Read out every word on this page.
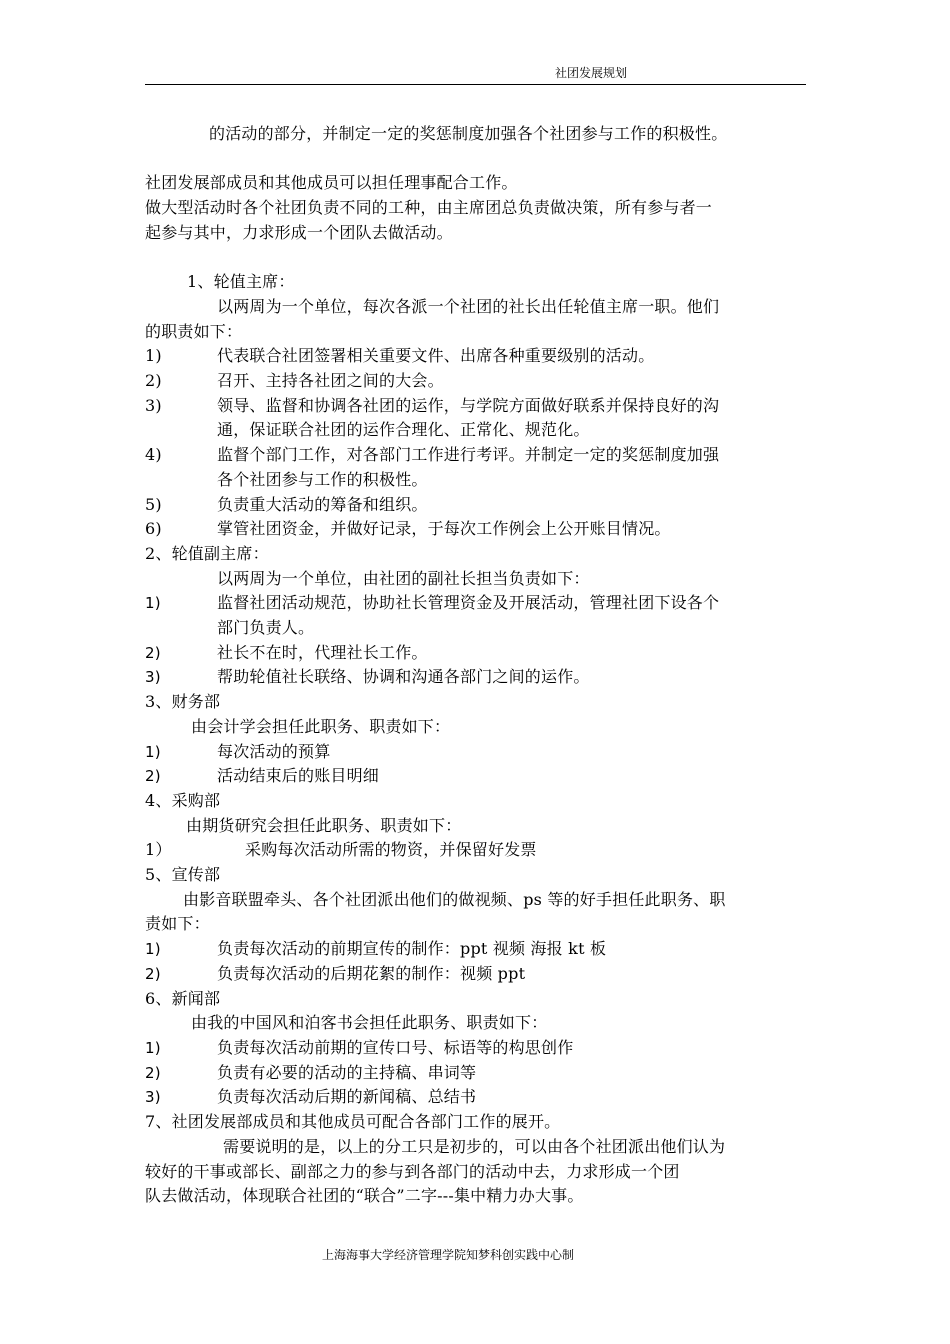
社团发展规划

的活动的部分，并制定一定的奖惩制度加强各个社团参与工作的积极性。

社团发展部成员和其他成员可以担任理事配合工作。

做大型活动时各个社团负责不同的工种，由主席团总负责做决策，所有参与者一

起参与其中，力求形成一个团队去做活动。

1、轮值主席：

以两周为一个单位，每次各派一个社团的社长出任轮值主席一职。他们

的职责如下：

1)	代表联合社团签署相关重要文件、出席各种重要级别的活动。
2)	召开、主持各社团之间的大会。
3)	领导、监督和协调各社团的运作，与学院方面做好联系并保持良好的沟

通，保证联合社团的运作合理化、正常化、规范化。

4)	监督个部门工作，对各部门工作进行考评。并制定一定的奖惩制度加强

各个社团参与工作的积极性。

5)	负责重大活动的筹备和组织。
6)	掌管社团资金，并做好记录，于每次工作例会上公开账目情况。

2、轮值副主席：

以两周为一个单位，由社团的副社长担当负责如下：

1)	监督社团活动规范，协助社长管理资金及开展活动，管理社团下设各个

部门负责人。

2)	社长不在时，代理社长工作。
3)	帮助轮值社长联络、协调和沟通各部门之间的运作。

3、财务部

由会计学会担任此职务、职责如下：

1)	每次活动的预算
2)	活动结束后的账目明细

4、采购部

由期货研究会担任此职务、职责如下：

1）	采购每次活动所需的物资，并保留好发票

5、宣传部

由影音联盟牵头、各个社团派出他们的做视频、ps 等的好手担任此职务、职

责如下：

1)	负责每次活动的前期宣传的制作：ppt 视频 海报 kt 板
2)	负责每次活动的后期花絮的制作：视频 ppt

6、新闻部

由我的中国风和泊客书会担任此职务、职责如下：

1)	负责每次活动前期的宣传口号、标语等的构思创作
2)	负责有必要的活动的主持稿、串词等
3)	负责每次活动后期的新闻稿、总结书

7、社团发展部成员和其他成员可配合各部门工作的展开。

需要说明的是，以上的分工只是初步的，可以由各个社团派出他们认为

较好的干事或部长、副部之力的参与到各部门的活动中去，力求形成一个团

队去做活动，体现联合社团的“联合”二字---集中精力办大事。

上海海事大学经济管理学院知梦科创实践中心制
